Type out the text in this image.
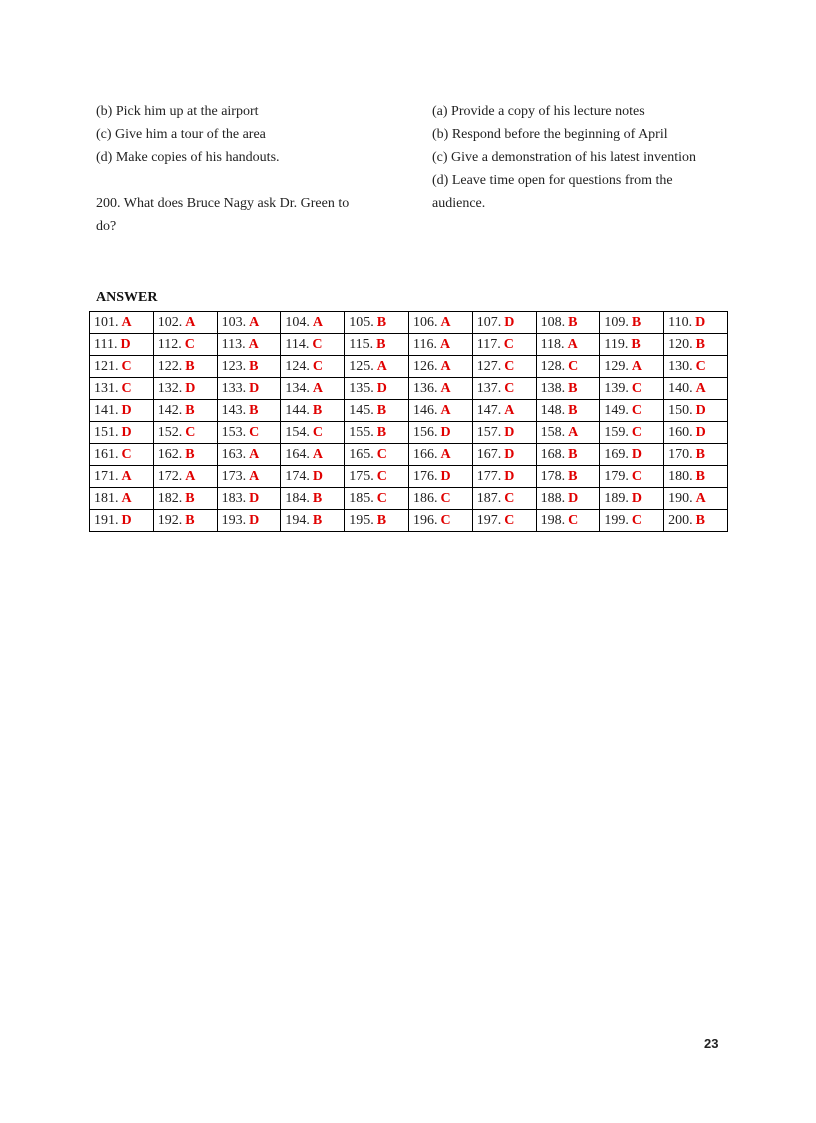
(b) Pick him up at the airport
(c) Give him a tour of the area
(d) Make copies of his handouts.
200. What does Bruce Nagy ask Dr. Green to
do?
(a) Provide a copy of his lecture notes
(b) Respond before the beginning of April
(c) Give a demonstration of his latest invention
(d) Leave time open for questions from the
audience.
ANSWER
101. A	102. A	103. A	104. A	105. B	106. A	107. D	108. B	109. B	110. D
111. D	112. C	113. A	114. C	115. B	116. A	117. C	118. A	119. B	120. B
121. C	122. B	123. B	124. C	125. A	126. A	127. C	128. C	129. A	130. C
131. C	132. D	133. D	134. A	135. D	136. A	137. C	138. B	139. C	140. A
141. D	142. B	143. B	144. B	145. B	146. A	147. A	148. B	149. C	150. D
151. D	152. C	153. C	154. C	155. B	156. D	157. D	158. A	159. C	160. D
161. C	162. B	163. A	164. A	165. C	166. A	167. D	168. B	169. D	170. B
171. A	172. A	173. A	174. D	175. C	176. D	177. D	178. B	179. C	180. B
181. A	182. B	183. D	184. B	185. C	186. C	187. C	188. D	189. D	190. A
191. D	192. B	193. D	194. B	195. B	196. C	197. C	198. C	199. C	200. B
23
